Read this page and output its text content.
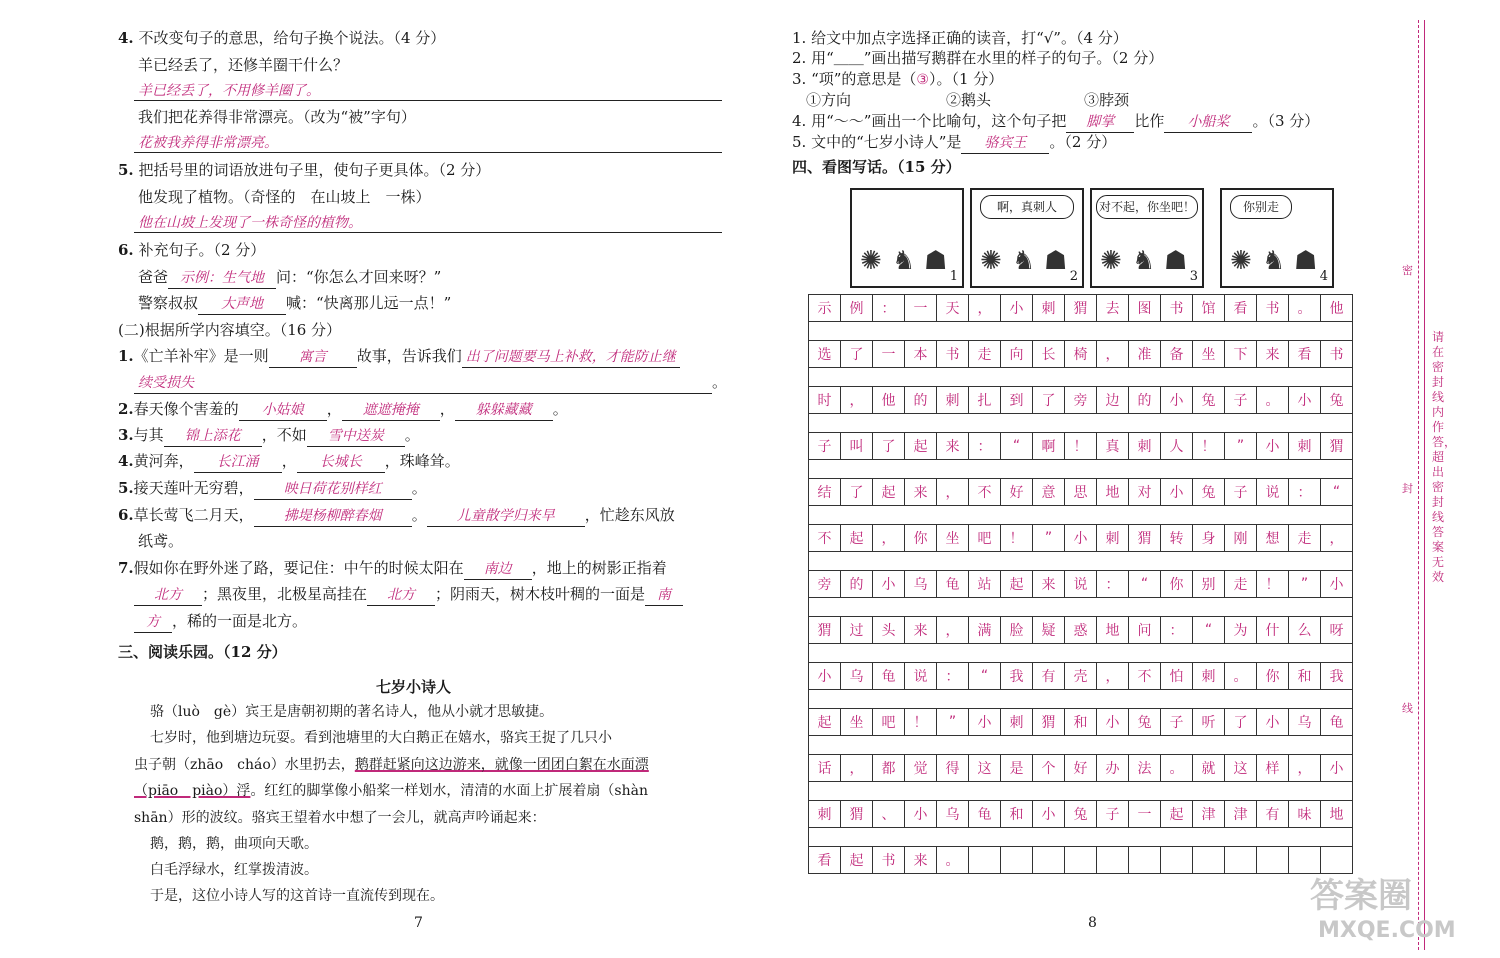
4. 不改变句子的意思，给句子换个说法。（4 分）
羊已经丢了，还修羊圈干什么？
羊已经丢了，不用修羊圈了。
我们把花养得非常漂亮。（改为“被”字句）
花被我养得非常漂亮。
5. 把括号里的词语放进句子里，使句子更具体。（2 分）
他发现了植物。（奇怪的　在山坡上　一株）
他在山坡上发现了一株奇怪的植物。
6. 补充句子。（2 分）
爸爸 示例：生气地 问：“你怎么才回来呀？”
警察叔叔 大声地 喊：“快离那儿远一点！”
(二)根据所学内容填空。（16 分）
1.《亡羊补牢》是一则 寓言 故事，告诉我们 出了问题要马上补救，才能防止继
续受损失	。
2.春天像个害羞的 小姑娘 ， 遮遮掩掩 ， 躲躲藏藏 。
3.与其 锦上添花 ，不如 雪中送炭 。
4.黄河奔， 长江涌 ， 长城长 ，珠峰耸。
5.接天莲叶无穷碧， 映日荷花别样红 。
6.草长莺飞二月天， 拂堤杨柳醉春烟 。 儿童散学归来早 ，忙趁东风放
纸鸢。
7.假如你在野外迷了路，要记住：中午的时候太阳在 南边 ，地上的树影正指着
北方 ；黑夜里，北极星高挂在 北方 ；阴雨天，树木枝叶稠的一面是 南
方 ，稀的一面是北方。
三、阅读乐园。（12 分）
七岁小诗人
骆（luò　gè）宾王是唐朝初期的著名诗人，他从小就才思敏捷。
七岁时，他到塘边玩耍。看到池塘里的大白鹅正在嬉水，骆宾王捉了几只小
虫子朝（zhāo　cháo）水里扔去，鹅群赶紧向这边游来，就像一团团白絮在水面漂
（piāo　piào）浮。红红的脚掌像小船桨一样划水，清清的水面上扩展着扇（shàn
shān）形的波纹。骆宾王望着水中想了一会儿，就高声吟诵起来：
鹅，鹅，鹅，曲项向天歌。
白毛浮绿水，红掌拨清波。
于是，这位小诗人写的这首诗一直流传到现在。
7
1. 给文中加点字选择正确的读音，打“√”。（4 分）
2. 用“＿＿”画出描写鹅群在水里的样子的句子。（2 分）
3. “项”的意思是（③）。（1 分）
①方向	②鹅头	③脖颈
4. 用“～～”画出一个比喻句，这个句子把 脚掌 比作 小船桨 。（3 分）
5. 文中的“七岁小诗人”是 骆宾王 。（2 分）
四、看图写话。（15 分）
✺ ♞ ☗
1
啊，真刺人
✺ ♞ ☗
2
对不起，你坐吧！
✺ ♞ ☗
3
你别走
✺ ♞ ☗
4
8
示	例	：	一	天	，	小	刺	猬	去	图	书	馆	看	书	。	他

选	了	一	本	书	走	向	长	椅	，	准	备	坐	下	来	看	书

时	，	他	的	刺	扎	到	了	旁	边	的	小	兔	子	。	小	兔

子	叫	了	起	来	：	“	啊	！	真	刺	人	！	”	小	刺	猬

结	了	起	来	，	不	好	意	思	地	对	小	兔	子	说	：	“

不	起	，	你	坐	吧	！	”	小	刺	猬	转	身	刚	想	走	，

旁	的	小	乌	龟	站	起	来	说	：	“	你	别	走	！	”	小

猬	过	头	来	，	满	脸	疑	惑	地	问	：	“	为	什	么	呀

小	乌	龟	说	：	“	我	有	壳	，	不	怕	刺	。	你	和	我

起	坐	吧	！	”	小	刺	猬	和	小	兔	子	听	了	小	乌	龟

话	，	都	觉	得	这	是	个	好	办	法	。	就	这	样	，	小

刺	猬	、	小	乌	龟	和	小	兔	子	一	起	津	津	有	味	地

看	起	书	来	。												
密
封
线
请在密封线内作答，超出密封线答案无效
答案圈
MXQE.COM
